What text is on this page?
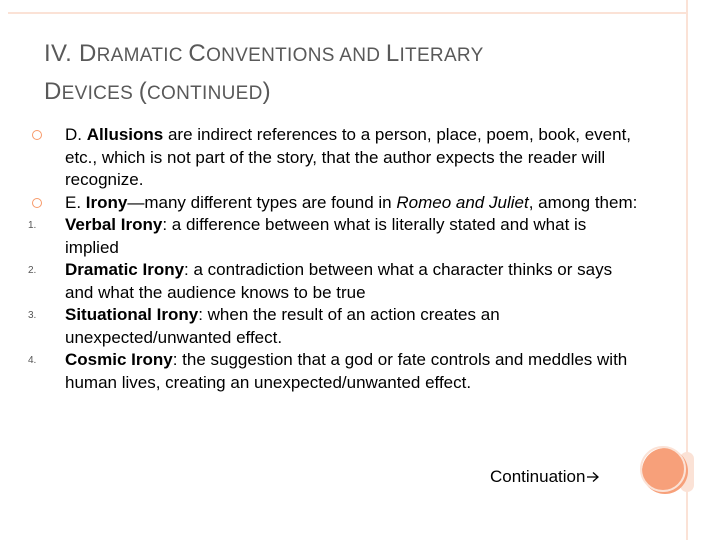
IV. DRAMATIC CONVENTIONS AND LITERARY
DEVICES (CONTINUED)
D. Allusions are indirect references to a person, place, poem, book, event, etc., which is not part of the story, that the author expects the reader will recognize.
E. Irony—many different types are found in Romeo and Juliet, among them:
1.	Verbal Irony: a difference between what is literally stated and what is implied
2.	Dramatic Irony: a contradiction between what a character thinks or says and what the audience knows to be true
3.	Situational Irony: when the result of an action creates an unexpected/unwanted effect.
4.	Cosmic Irony: the suggestion that a god or fate controls and meddles with human lives, creating an unexpected/unwanted effect.
Continuation
